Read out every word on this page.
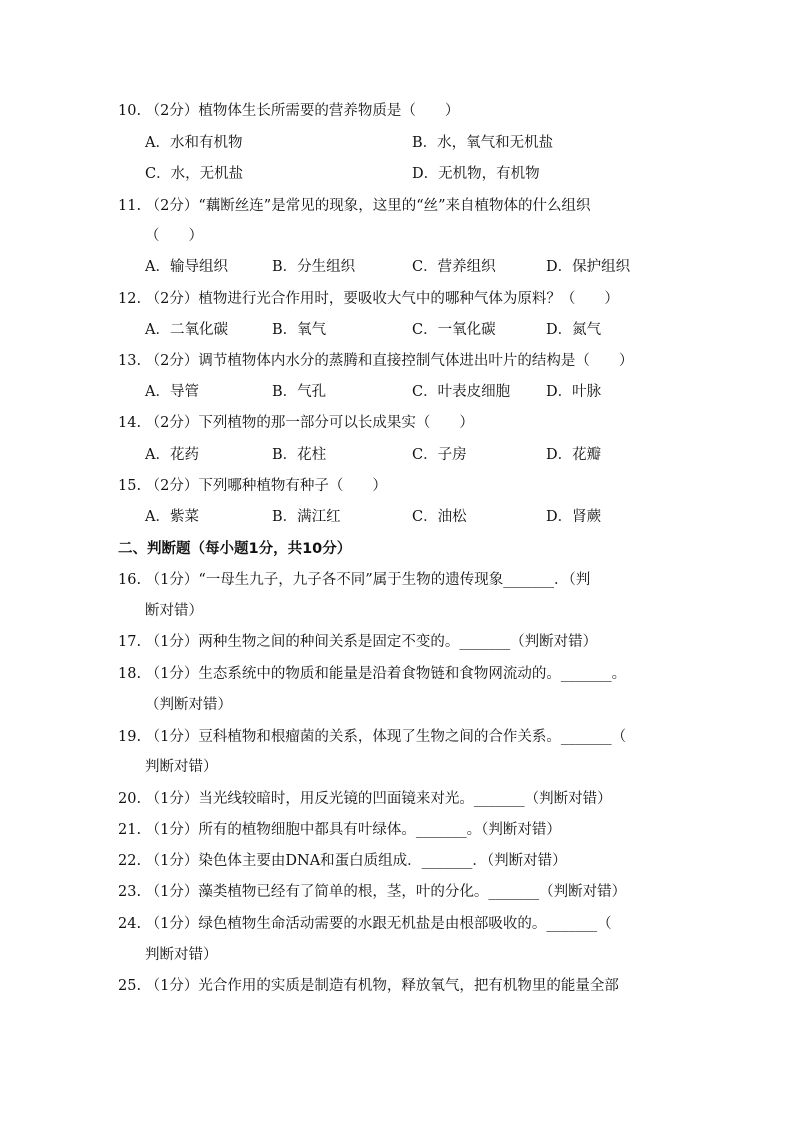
10. （2分）植物体生长所需要的营养物质是（　　）
A．水和有机物	B．水，氧气和无机盐
C．水，无机盐	D．无机物，有机物
11. （2分）“藕断丝连”是常见的现象，这里的“丝”来自植物体的什么组织
（　　）
A．输导组织	B．分生组织	C．营养组织	D．保护组织
12. （2分）植物进行光合作用时，要吸收大气中的哪种气体为原料？（　　）
A．二氧化碳	B．氧气	C．一氧化碳	D．氮气
13. （2分）调节植物体内水分的蒸腾和直接控制气体进出叶片的结构是（　　）
A．导管	B．气孔	C．叶表皮细胞 D．叶脉
14. （2分）下列植物的那一部分可以长成果实（　　）
A．花药	B．花柱	C．子房	D．花瓣
15. （2分）下列哪种植物有种子（　　）
A．紫菜	B．满江红	C．油松	D．肾蕨
二、判断题（每小题1分，共10分）
16. （1分）“一母生九子，九子各不同”属于生物的遗传现象_______．（判
断对错）
17. （1分）两种生物之间的种间关系是固定不变的。_______（判断对错）
18. （1分）生态系统中的物质和能量是沿着食物链和食物网流动的。_______。
（判断对错）
19. （1分）豆科植物和根瘤菌的关系，体现了生物之间的合作关系。_______（
判断对错）
20. （1分）当光线较暗时，用反光镜的凹面镜来对光。_______（判断对错）
21. （1分）所有的植物细胞中都具有叶绿体。_______。（判断对错）
22. （1分）染色体主要由DNA和蛋白质组成．_______．（判断对错）
23. （1分）藻类植物已经有了简单的根，茎，叶的分化。_______（判断对错）
24. （1分）绿色植物生命活动需要的水跟无机盐是由根部吸收的。_______（
判断对错）
25. （1分）光合作用的实质是制造有机物，释放氧气，把有机物里的能量全部
